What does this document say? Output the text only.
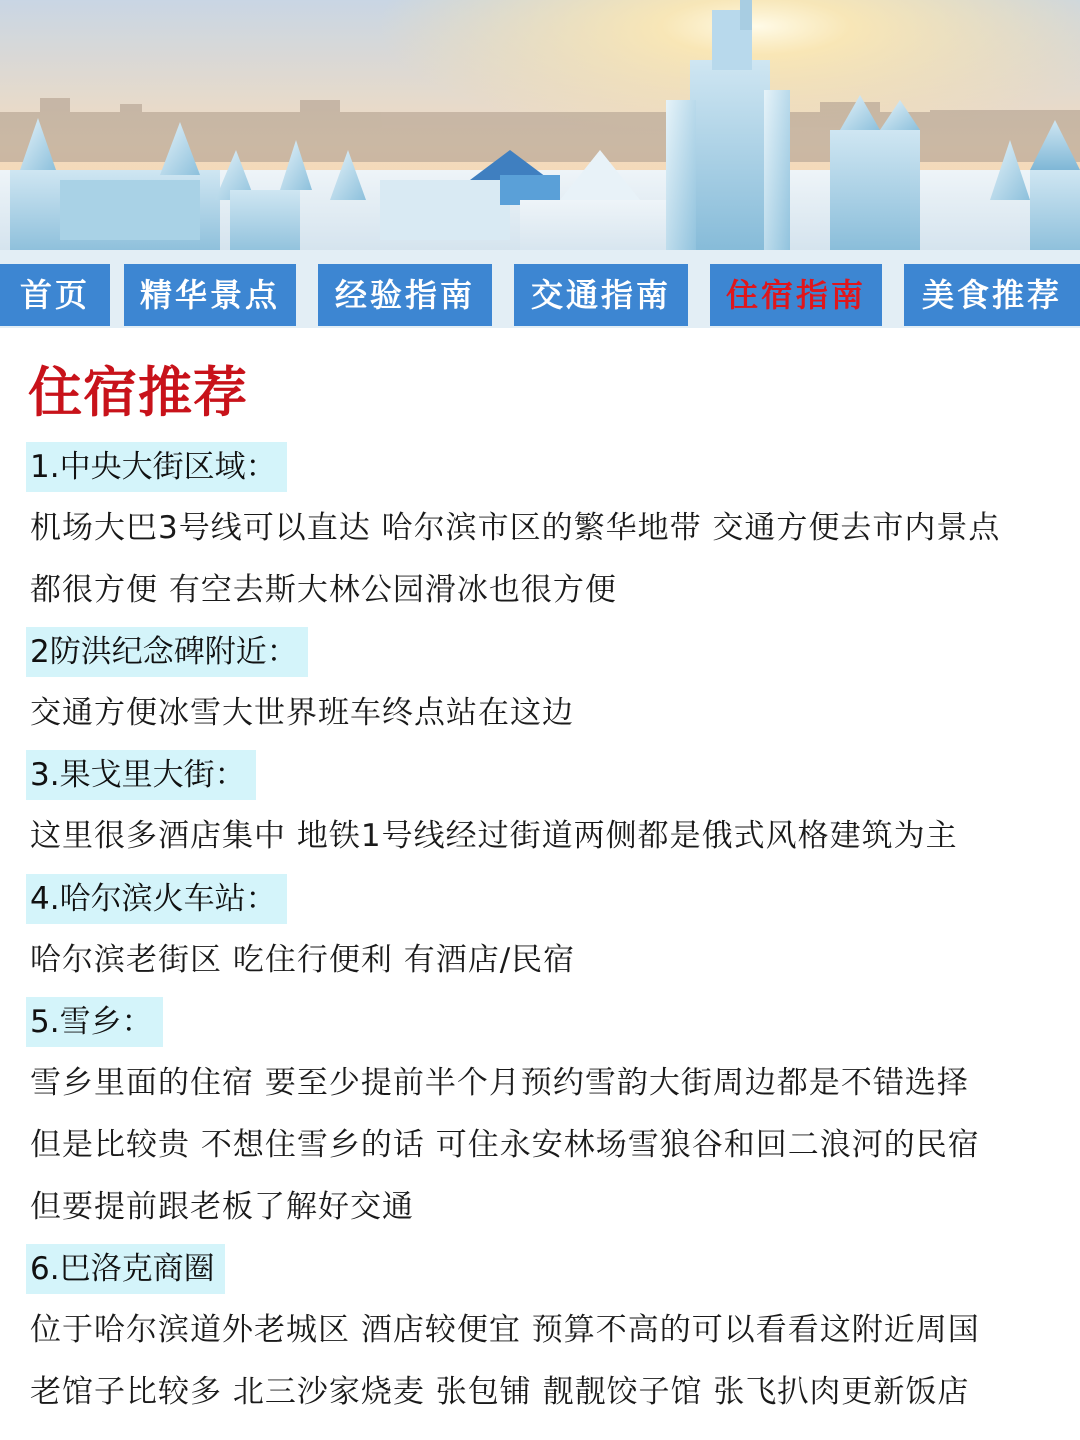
首页	精华景点	经验指南	交通指南	住宿指南	美食推荐
住宿推荐
1.中央大街区域：
机场大巴3号线可以直达 哈尔滨市区的繁华地带 交通方便去市内景点
都很方便 有空去斯大林公园滑冰也很方便
2防洪纪念碑附近：
交通方便冰雪大世界班车终点站在这边
3.果戈里大街：
这里很多酒店集中 地铁1号线经过街道两侧都是俄式风格建筑为主
4.哈尔滨火车站：
哈尔滨老街区 吃住行便利 有酒店/民宿
5.雪乡：
雪乡里面的住宿 要至少提前半个月预约雪韵大街周边都是不错选择
但是比较贵 不想住雪乡的话 可住永安林场雪狼谷和回二浪河的民宿
但要提前跟老板了解好交通
6.巴洛克商圈
位于哈尔滨道外老城区 酒店较便宜 预算不高的可以看看这附近周国
老馆子比较多 北三沙家烧麦 张包铺 靓靓饺子馆 张飞扒肉更新饭店
